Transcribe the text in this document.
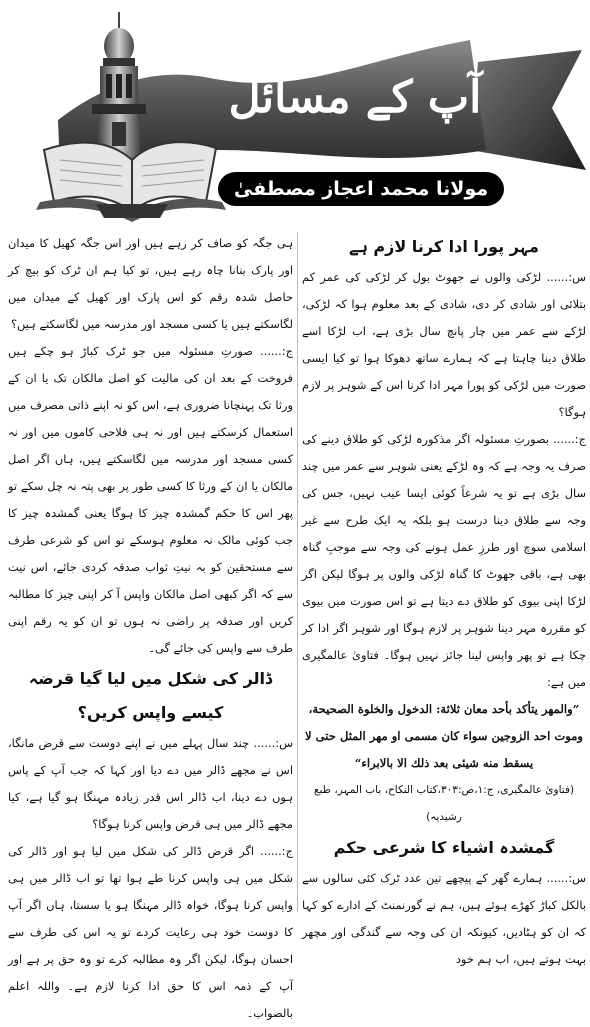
آپ کے مسائل
مولانا محمد اعجاز مصطفیٰ

مہر پورا ادا کرنا لازم ہے

س:...... لڑکی والوں نے جھوٹ بول کر لڑکی کی عمر کم بتلائی اور شادی کر دی، شادی کے بعد معلوم ہوا کہ لڑکی، لڑکے سے عمر میں چار پانچ سال بڑی ہے، اب لڑکا اسے طلاق دینا چاہتا ہے کہ ہمارے ساتھ دھوکا ہوا تو کیا ایسی صورت میں لڑکی کو پورا مہر ادا کرنا اس کے شوہر پر لازم ہوگا؟

ج:...... بصورتِ مسئولہ اگر مذکورہ لڑکی کو طلاق دینے کی صرف یہ وجہ ہے کہ وہ لڑکے یعنی شوہر سے عمر میں چند سال بڑی ہے تو یہ شرعاً کوئی ایسا عیب نہیں، جس کی وجہ سے طلاق دینا درست ہو بلکہ یہ ایک طرح سے غیر اسلامی سوچ اور طرزِ عمل ہونے کی وجہ سے موجبِ گناہ بھی ہے، باقی جھوٹ کا گناہ لڑکی والوں پر ہوگا لیکن اگر لڑکا اپنی بیوی کو طلاق دے دیتا ہے تو اس صورت میں بیوی کو مقررہ مہر دینا شوہر پر لازم ہوگا اور شوہر اگر ادا کر چکا ہے تو پھر واپس لینا جائز نہیں ہوگا۔ فتاویٰ عالمگیری میں ہے:

”والمهر يتأكد بأحد معان ثلاثة: الدخول والخلوة الصحيحة، وموت احد الزوجين سواء كان مسمى او مهر المثل حتى لا يسقط منه شيئى بعد ذلك الا بالابراء“

(فتاویٰ عالمگیری، ج:۱،ص:۳۰۳،کتاب النکاح، باب المہر، طبع رشیدیہ)

گمشدہ اشیاء کا شرعی حکم

س:...... ہمارے گھر کے پیچھے تین عدد ٹرک کئی سالوں سے بالکل کباڑ کھڑے ہوئے ہیں، ہم نے گورنمنٹ کے ادارے کو کہا کہ ان کو ہٹادیں، کیونکہ ان کی وجہ سے گندگی اور مچھر بہت ہوتے ہیں، اب ہم خود

ہی جگہ کو صاف کر رہے ہیں اور اس جگہ کھیل کا میدان اور پارک بنانا چاہ رہے ہیں، تو کیا ہم ان ٹرک کو بیچ کر حاصل شدہ رقم کو اس پارک اور کھیل کے میدان میں لگاسکتے ہیں یا کسی مسجد اور مدرسہ میں لگاسکتے ہیں؟

ج:...... صورتِ مسئولہ میں جو ٹرک کباڑ ہو چکے ہیں فروخت کے بعد ان کی مالیت کو اصل مالکان تک یا ان کے ورثا تک پہنچانا ضروری ہے، اس کو نہ اپنے ذاتی مصرف میں استعمال کرسکتے ہیں اور نہ ہی فلاحی کاموں میں اور نہ کسی مسجد اور مدرسہ میں لگاسکتے ہیں، ہاں اگر اصل مالکان یا ان کے ورثا کا کسی طور پر بھی پتہ نہ چل سکے تو پھر اس کا حکم گمشدہ چیز کا ہوگا یعنی گمشدہ چیز کا جب کوئی مالک نہ معلوم ہوسکے تو اس کو شرعی طرف سے مستحقین کو بہ نیتِ ثواب صدقہ کردی جائے، اس نیت سے کہ اگر کبھی اصل مالکان واپس آ کر اپنی چیز کا مطالبہ کریں اور صدقہ پر راضی نہ ہوں تو ان کو یہ رقم اپنی طرف سے واپس کی جائے گی۔

ڈالر کی شکل میں لیا گیا قرضہ کیسے واپس کریں؟

س:...... چند سال پہلے میں نے اپنے دوست سے قرض مانگا، اس نے مجھے ڈالر میں دے دیا اور کہا کہ جب آپ کے پاس ہوں دے دینا، اب ڈالر اس قدر زیادہ مہنگا ہو گیا ہے، کیا مجھے ڈالر میں ہی قرض واپس کرنا ہوگا؟

ج:...... اگر قرض ڈالر کی شکل میں لیا ہو اور ڈالر کی شکل میں ہی واپس کرنا طے ہوا تھا تو اب ڈالر میں ہی واپس کرنا ہوگا، خواہ ڈالر مہنگا ہو یا سستا، ہاں اگر آپ کا دوست خود ہی رعایت کردے تو یہ اس کی طرف سے احسان ہوگا، لیکن اگر وہ مطالبہ کرے تو وہ حق پر ہے اور آپ کے ذمہ اس کا حق ادا کرنا لازم ہے۔ واللہ اعلم بالصواب۔
